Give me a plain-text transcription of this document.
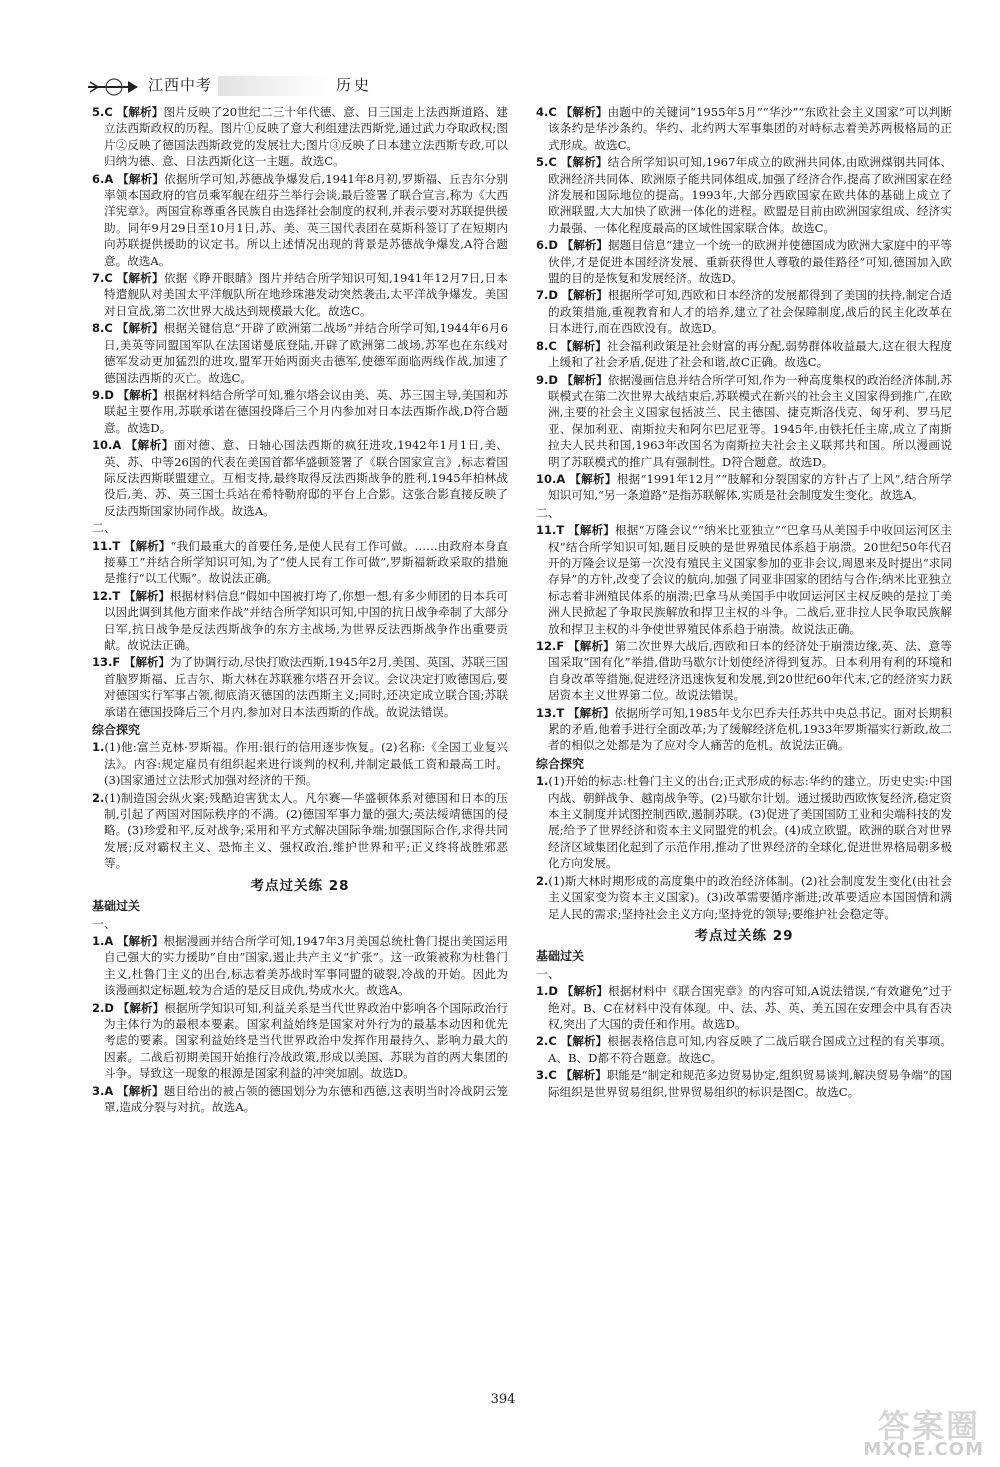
江西中考	历史
5.C 【解析】图片反映了20世纪二三十年代德、意、日三国走上法西斯道路、建立法西斯政权的历程。图片①反映了意大利组建法西斯党,通过武力夺取政权;图片②反映了德国法西斯政党的发展壮大;图片③反映了日本建立法西斯专政,可以归纳为德、意、日法西斯化这一主题。故选C。
6.A 【解析】依据所学可知,苏德战争爆发后,1941年8月初,罗斯福、丘吉尔分别率领本国政府的官员乘军舰在纽芬兰举行会谈,最后签署了联合宣言,称为《大西洋宪章》。两国宣称尊重各民族自由选择社会制度的权利,并表示要对苏联提供援助。同年9月29日至10月1日,苏、美、英三国代表团在莫斯科签订了在短期内向苏联提供援助的议定书。所以上述情况出现的背景是苏德战争爆发,A符合题意。故选A。
7.C 【解析】依据《睁开眼睛》图片并结合所学知识可知,1941年12月7日,日本特遣舰队对美国太平洋舰队所在地珍珠港发动突然袭击,太平洋战争爆发。美国对日宣战,第二次世界大战达到规模最大化。故选C。
8.C 【解析】根据关键信息“开辟了欧洲第二战场”并结合所学可知,1944年6月6日,美英等同盟国军队在法国诺曼底登陆,开辟了欧洲第二战场,苏军也在东线对德军发动更加猛烈的进攻,盟军开始两面夹击德军,使德军面临两线作战,加速了德国法西斯的灭亡。故选C。
9.D 【解析】根据材料结合所学可知,雅尔塔会议由美、英、苏三国主导,美国和苏联起主要作用,苏联承诺在德国投降后三个月内参加对日本法西斯作战,D符合题意。故选D。
10.A 【解析】面对德、意、日轴心国法西斯的疯狂进攻,1942年1月1日,美、英、苏、中等26国的代表在美国首都华盛顿签署了《联合国家宣言》,标志着国际反法西斯联盟建立。互相支持,最终取得反法西斯战争的胜利,1945年柏林战役后,美、苏、英三国士兵站在希特勒府邸的平台上合影。这张合影直接反映了反法西斯国家协同作战。故选A。
二、
11.T 【解析】“我们最重大的首要任务,是使人民有工作可做。……由政府本身直接募工”并结合所学知识可知,为了“使人民有工作可做”,罗斯福新政采取的措施是推行“以工代赈”。故说法正确。
12.T 【解析】根据材料信息“假如中国被打垮了,你想一想,有多少师团的日本兵可以因此调到其他方面来作战”并结合所学知识可知,中国的抗日战争牵制了大部分日军,抗日战争是反法西斯战争的东方主战场,为世界反法西斯战争作出重要贡献。故说法正确。
13.F 【解析】为了协调行动,尽快打败法西斯,1945年2月,美国、英国、苏联三国首脑罗斯福、丘吉尔、斯大林在苏联雅尔塔召开会议。会议决定打败德国后,要对德国实行军事占领,彻底消灭德国的法西斯主义;同时,还决定成立联合国;苏联承诺在德国投降后三个月内,参加对日本法西斯的作战。故说法错误。
综合探究
1.(1)他:富兰克林·罗斯福。作用:银行的信用逐步恢复。(2)名称:《全国工业复兴法》。内容:规定雇员有组织起来进行谈判的权利,并制定最低工资和最高工时。(3)国家通过立法形式加强对经济的干预。
2.(1)制造国会纵火案;残酷迫害犹太人。凡尔赛—华盛顿体系对德国和日本的压制,引起了两国对国际秩序的不满。(2)德国军事力量的强大;英法绥靖德国的侵略。(3)珍爱和平,反对战争;采用和平方式解决国际争端;加强国际合作,求得共同发展;反对霸权主义、恐怖主义、强权政治,维护世界和平;正义终将战胜邪恶等。
考点过关练 28
基础过关
一、
1.A 【解析】根据漫画并结合所学可知,1947年3月美国总统杜鲁门提出美国运用自己强大的实力援助“自由”国家,遏止共产主义“扩张”。这一政策被称为杜鲁门主义,杜鲁门主义的出台,标志着美苏战时军事同盟的破裂,冷战的开始。因此为该漫画拟定标题,较为合适的是反目成仇,势成水火。故选A。
2.D 【解析】根据所学知识可知,利益关系是当代世界政治中影响各个国际政治行为主体行为的最根本要素。国家利益始终是国家对外行为的最基本动因和优先考虑的要素。国家利益始终是当代世界政治中发挥作用最持久、影响力最大的因素。二战后初期美国开始推行冷战政策,形成以美国、苏联为首的两大集团的斗争。导致这一现象的根源是国家利益的冲突加剧。故选D。
3.A 【解析】题目给出的被占领的德国划分为东德和西德,这表明当时冷战阴云笼罩,造成分裂与对抗。故选A。
4.C 【解析】由题中的关键词“1955年5月”“华沙”“东欧社会主义国家”可以判断该条约是华沙条约。华约、北约两大军事集团的对峙标志着美苏两极格局的正式形成。故选C。
5.C 【解析】结合所学知识可知,1967年成立的欧洲共同体,由欧洲煤钢共同体、欧洲经济共同体、欧洲原子能共同体组成,加强了经济合作,提高了欧洲国家在经济发展和国际地位的提高。1993年,大部分西欧国家在欧共体的基础上成立了欧洲联盟,大大加快了欧洲一体化的进程。欧盟是目前由欧洲国家组成、经济实力最强、一体化程度最高的区域性国家联合体。故选C。
6.D 【解析】据题目信息“建立一个统一的欧洲并使德国成为欧洲大家庭中的平等伙伴,才是促进本国经济发展、重新获得世人尊敬的最佳路径”可知,德国加入欧盟的目的是恢复和发展经济。故选D。
7.D 【解析】根据所学可知,西欧和日本经济的发展都得到了美国的扶持,制定合适的政策措施,重视教育和人才的培养,建立了社会保障制度,战后的民主化改革在日本进行,而在西欧没有。故选D。
8.C 【解析】社会福利政策是社会财富的再分配,弱势群体收益最大,这在很大程度上缓和了社会矛盾,促进了社会和谐,故C正确。故选C。
9.D 【解析】依据漫画信息并结合所学可知,作为一种高度集权的政治经济体制,苏联模式在第二次世界大战结束后,苏联模式在新兴的社会主义国家得到推广,在欧洲,主要的社会主义国家包括波兰、民主德国、捷克斯洛伐克、匈牙利、罗马尼亚、保加利亚、南斯拉夫和阿尔巴尼亚等。1945年,由铁托任主席,成立了南斯拉夫人民共和国,1963年改国名为南斯拉夫社会主义联邦共和国。所以漫画说明了苏联模式的推广具有强制性。D符合题意。故选D。
10.A 【解析】根据“1991年12月”“肢解和分裂国家的方针占了上风”,结合所学知识可知,“另一条道路”是指苏联解体,实质是社会制度发生变化。故选A。
二、
11.T 【解析】根据“万隆会议”“纳米比亚独立”“巴拿马从美国手中收回运河区主权”结合所学知识可知,题目反映的是世界殖民体系趋于崩溃。20世纪50年代召开的万隆会议是第一次没有殖民主义国家参加的亚非会议,周恩来及时提出“求同存异”的方针,改变了会议的航向,加强了同亚非国家的团结与合作;纳米比亚独立标志着非洲殖民体系的崩溃;巴拿马从美国手中收回运河区主权反映的是拉丁美洲人民掀起了争取民族解放和捍卫主权的斗争。二战后,亚非拉人民争取民族解放和捍卫主权的斗争使世界殖民体系趋于崩溃。故说法正确。
12.F 【解析】第二次世界大战后,西欧和日本的经济处于崩溃边缘,英、法、意等国采取“国有化”举措,借助马歇尔计划使经济得到复苏。日本利用有利的环境和自身改革等措施,促进经济迅速恢复和发展,到20世纪60年代末,它的经济实力跃居资本主义世界第二位。故说法错误。
13.T 【解析】依据所学可知,1985年戈尔巴乔夫任苏共中央总书记。面对长期积累的矛盾,他着手进行全面改革;为了缓解经济危机,1933年罗斯福实行新政,故二者的相似之处都是为了应对令人痛苦的危机。故说法正确。
综合探究
1.(1)开始的标志:杜鲁门主义的出台;正式形成的标志:华约的建立。历史史实:中国内战、朝鲜战争、越南战争等。(2)马歇尔计划。通过援助西欧恢复经济,稳定资本主义制度并试图控制西欧,遏制苏联。(3)促进了美国国防工业和尖端科技的发展;给予了世界经济和资本主义同盟党的机会。(4)成立欧盟。欧洲的联合对世界经济区域集团化起到了示范作用,推动了世界经济的全球化,促进世界格局朝多极化方向发展。
2.(1)斯大林时期形成的高度集中的政治经济体制。(2)社会制度发生变化(由社会主义国家变为资本主义国家)。(3)改革需要循序渐进;改革要适应本国国情和满足人民的需求;坚持社会主义方向;坚持党的领导;要维护社会稳定等。
考点过关练 29
基础过关
一、
1.D 【解析】根据材料中《联合国宪章》的内容可知,A说法错误,“有效避免”过于绝对。B、C在材料中没有体现。中、法、苏、英、美五国在安理会中具有否决权,突出了大国的责任和作用。故选D。
2.C 【解析】根据表格信息可知,内容反映了二战后联合国成立过程的有关事项。A、B、D都不符合题意。故选C。
3.C 【解析】职能是“制定和规范多边贸易协定,组织贸易谈判,解决贸易争端”的国际组织是世界贸易组织,世界贸易组织的标识是图C。故选C。
394
答案圈
MXQE.COM
